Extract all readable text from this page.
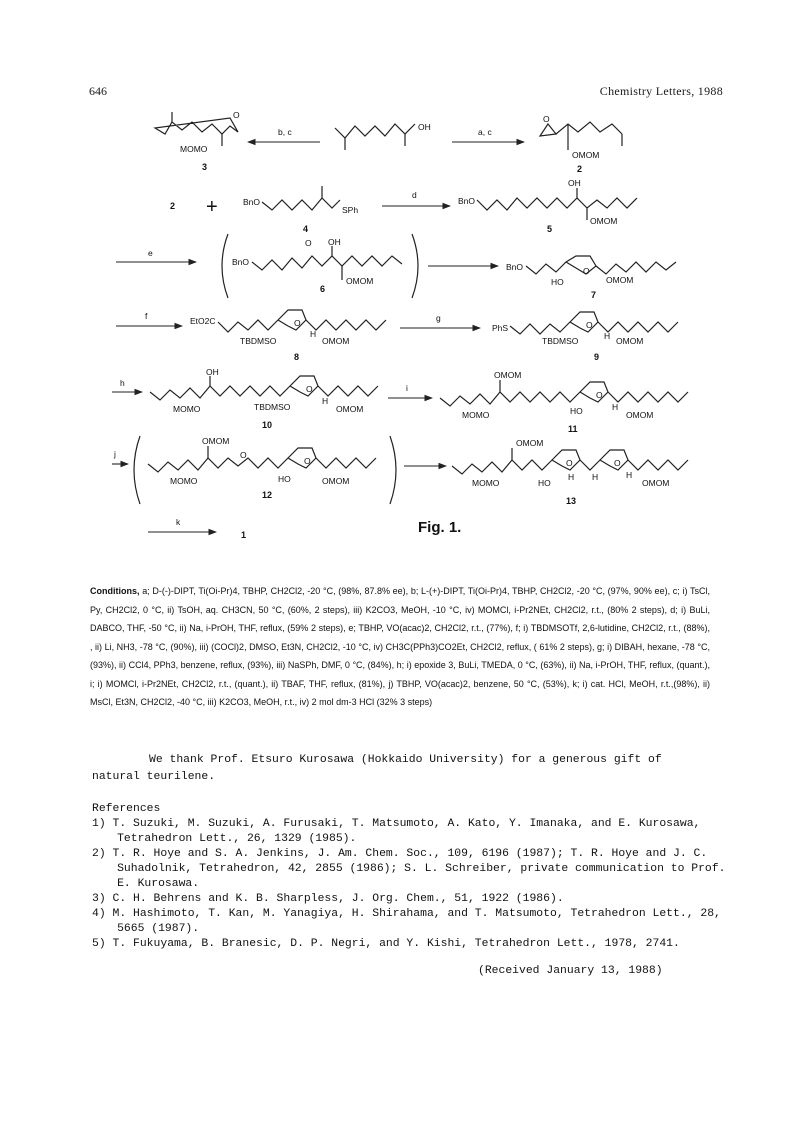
646	Chemistry Letters, 1988
MOMO
O
3
b, c	OH	a, c
O
OMOM
2
2 +	BnO
SPh
4
d
BnO
OH
OMOM
5
e
BnO
O OH
OMOM
6
BnO
HO
O
OMOM
7
f	EtO2C
TBDMSO
O
H
OMOM
8
g
PhS
TBDMSO
O
H OMOM
9
h
OH
MOMO	TBDMSO
O
H
OMOM
10
i
OMOM
MOMO	HO
O
H
OMOM
11
j
OMOM
MOMO
O
HO
O
OMOM
12
OMOM
MOMO	HO
O
H H
O
H
OMOM
13
k
1	Fig. 1.
Conditions, a; D-(-)-DIPT, Ti(Oi-Pr)4, TBHP, CH2Cl2, -20 °C, (98%, 87.8% ee), b; L-(+)-DIPT, Ti(Oi-Pr)4, TBHP, CH2Cl2, -20 °C, (97%, 90% ee), c; i) TsCl, Py, CH2Cl2, 0 °C, ii) TsOH, aq. CH3CN, 50 °C, (60%, 2 steps), iii) K2CO3, MeOH, -10 °C, iv) MOMCl, i-Pr2NEt, CH2Cl2, r.t., (80% 2 steps), d; i) BuLi, DABCO, THF, -50 °C, ii) Na, i-PrOH, THF, reflux, (59% 2 steps), e; TBHP, VO(acac)2, CH2Cl2, r.t., (77%), f; i) TBDMSOTf, 2,6-lutidine, CH2Cl2, r.t., (88%), , ii) Li, NH3, -78 °C, (90%), iii) (COCl)2, DMSO, Et3N, CH2Cl2, -10 °C, iv) CH3C(PPh3)CO2Et, CH2Cl2, reflux, ( 61% 2 steps), g; i) DIBAH, hexane, -78 °C, (93%), ii) CCl4, PPh3, benzene, reflux, (93%), iii) NaSPh, DMF, 0 °C, (84%), h; i) epoxide 3, BuLi, TMEDA, 0 °C, (63%), ii) Na, i-PrOH, THF, reflux, (quant.), i; i) MOMCl, i-Pr2NEt, CH2Cl2, r.t., (quant.), ii) TBAF, THF, reflux, (81%), j) TBHP, VO(acac)2, benzene, 50 °C, (53%), k; i) cat. HCl, MeOH, r.t.,(98%), ii) MsCl, Et3N, CH2Cl2, -40 °C, iii) K2CO3, MeOH, r.t., iv) 2 mol dm-3 HCl (32% 3 steps)
We thank Prof. Etsuro Kurosawa (Hokkaido University) for a generous gift of natural teurilene.
References
1) T. Suzuki, M. Suzuki, A. Furusaki, T. Matsumoto, A. Kato, Y. Imanaka, and E. Kurosawa, Tetrahedron Lett., 26, 1329 (1985).
2) T. R. Hoye and S. A. Jenkins, J. Am. Chem. Soc., 109, 6196 (1987); T. R. Hoye and J. C. Suhadolnik, Tetrahedron, 42, 2855 (1986); S. L. Schreiber, private communication to Prof. E. Kurosawa.
3) C. H. Behrens and K. B. Sharpless, J. Org. Chem., 51, 1922 (1986).
4) M. Hashimoto, T. Kan, M. Yanagiya, H. Shirahama, and T. Matsumoto, Tetrahedron Lett., 28, 5665 (1987).
5) T. Fukuyama, B. Branesic, D. P. Negri, and Y. Kishi, Tetrahedron Lett., 1978, 2741.
(Received January 13, 1988)
